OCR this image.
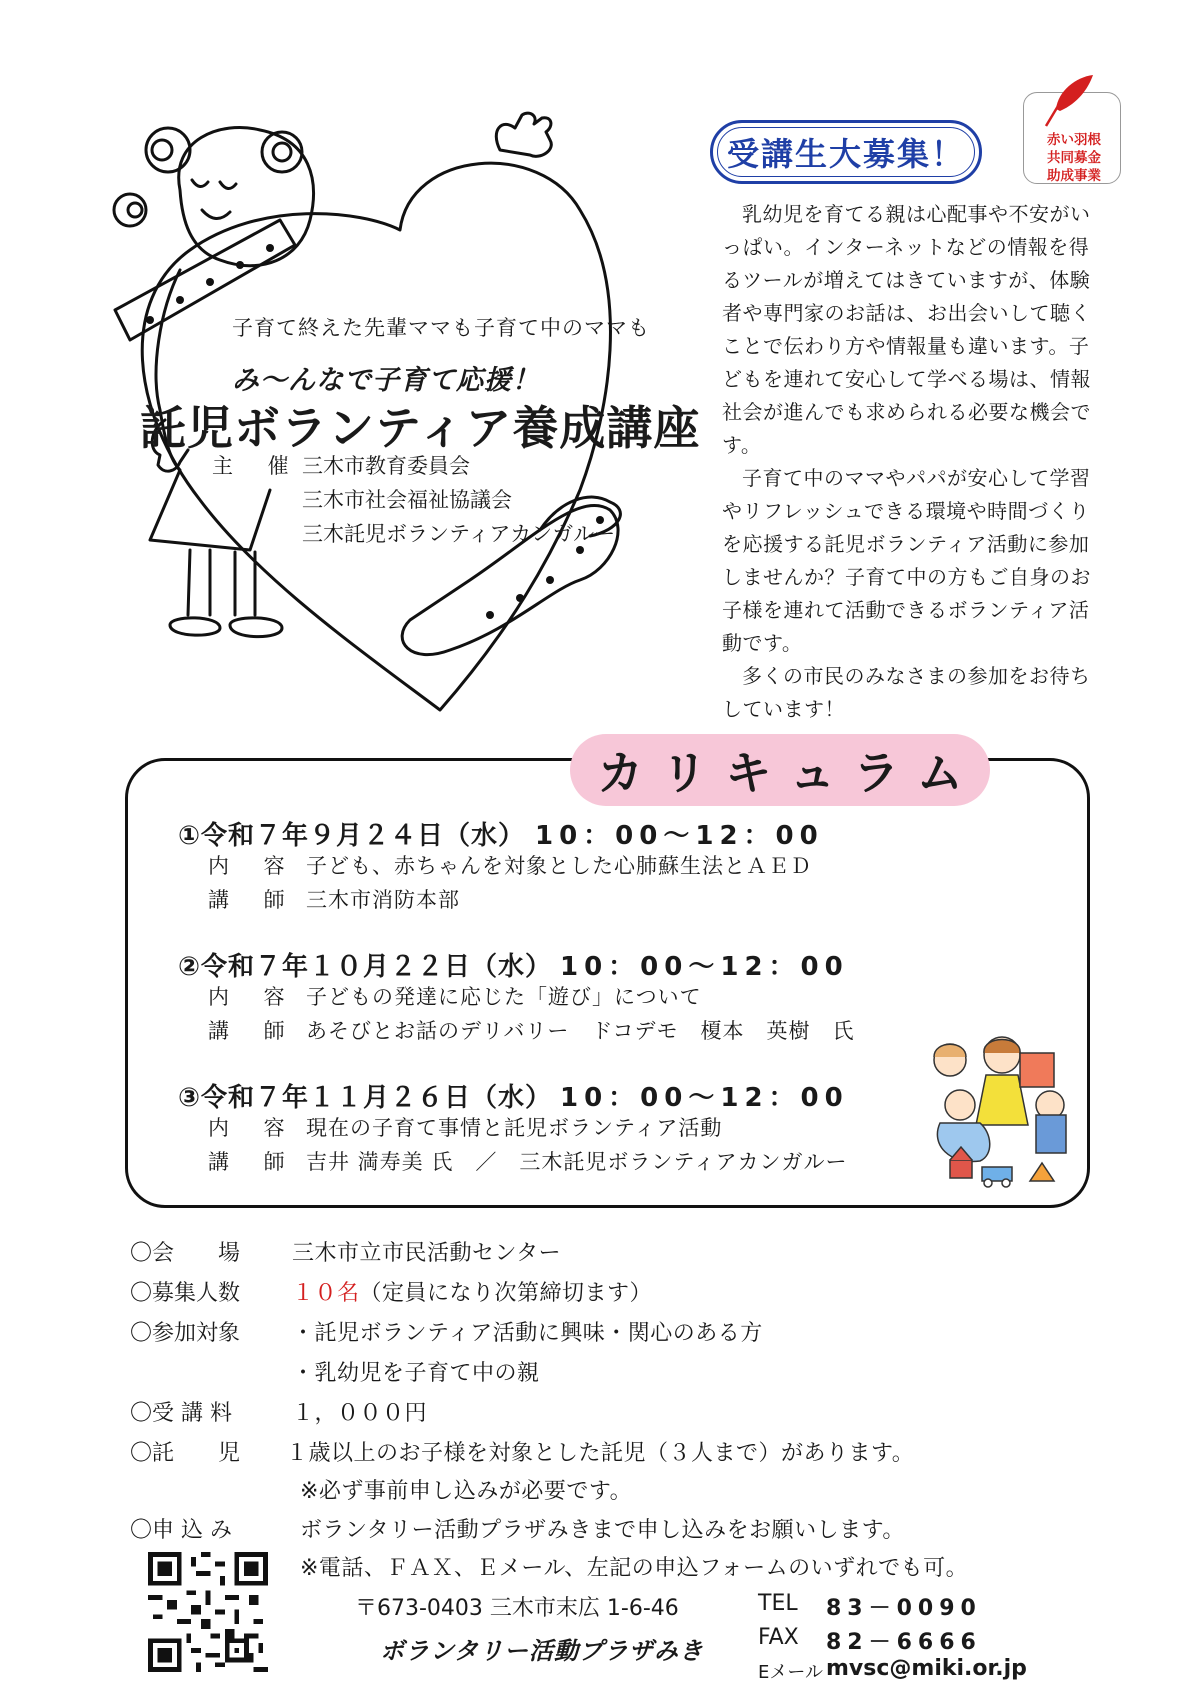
子育て終えた先輩ママも子育て中のママも
み～んなで子育て応援！
託児ボランティア養成講座
主 催 三木市教育委員会
三木市社会福祉協議会
三木託児ボランティアカンガルー
受講生大募集！	赤い羽根
共同募金
助成事業

乳幼児を育てる親は心配事や不安がいっぱい。インターネットなどの情報を得るツールが増えてはきていますが、体験者や専門家のお話は、お出会いして聴くことで伝わり方や情報量も違います。子どもを連れて安心して学べる場は、情報社会が進んでも求められる必要な機会です。

子育て中のママやパパが安心して学習やリフレッシュできる環境や時間づくりを応援する託児ボランティア活動に参加しませんか？子育て中の方もご自身のお子様を連れて活動できるボランティア活動です。

多くの市民のみなさまの参加をお待ちしています！

カリキュラム
①令和７年９月２４日（水） 10：00～12：00
内 容 子ども、赤ちゃんを対象とした心肺蘇生法とＡＥＤ
講 師 三木市消防本部
②令和７年１０月２２日（水） 10：00～12：00
内 容 子どもの発達に応じた「遊び」について
講 師 あそびとお話のデリバリー　ドコデモ　榎本　英樹　氏
③令和７年１１月２６日（水） 10：00～12：00
内 容 現在の子育て事情と託児ボランティア活動
講 師 吉井 満寿美 氏　／　三木託児ボランティアカンガルー
〇会　　場 三木市立市民活動センター
〇募集人数 １０名（定員になり次第締切ます）
〇参加対象 ・託児ボランティア活動に興味・関心のある方
・乳幼児を子育て中の親
〇受 講 料	１，０００円
〇託　　児 １歳以上のお子様を対象とした託児（３人まで）があります。
※必ず事前申し込みが必要です。
〇申 込 み	ボランタリー活動プラザみきまで申し込みをお願いします。
※電話、ＦＡＸ、Ｅメール、左記の申込フォームのいずれでも可。
〒673-0403 三木市末広 1-6-46
ボランタリー活動プラザみき
TEL 83－0090
FAX 82－6666
Eメール mvsc@miki.or.jp
